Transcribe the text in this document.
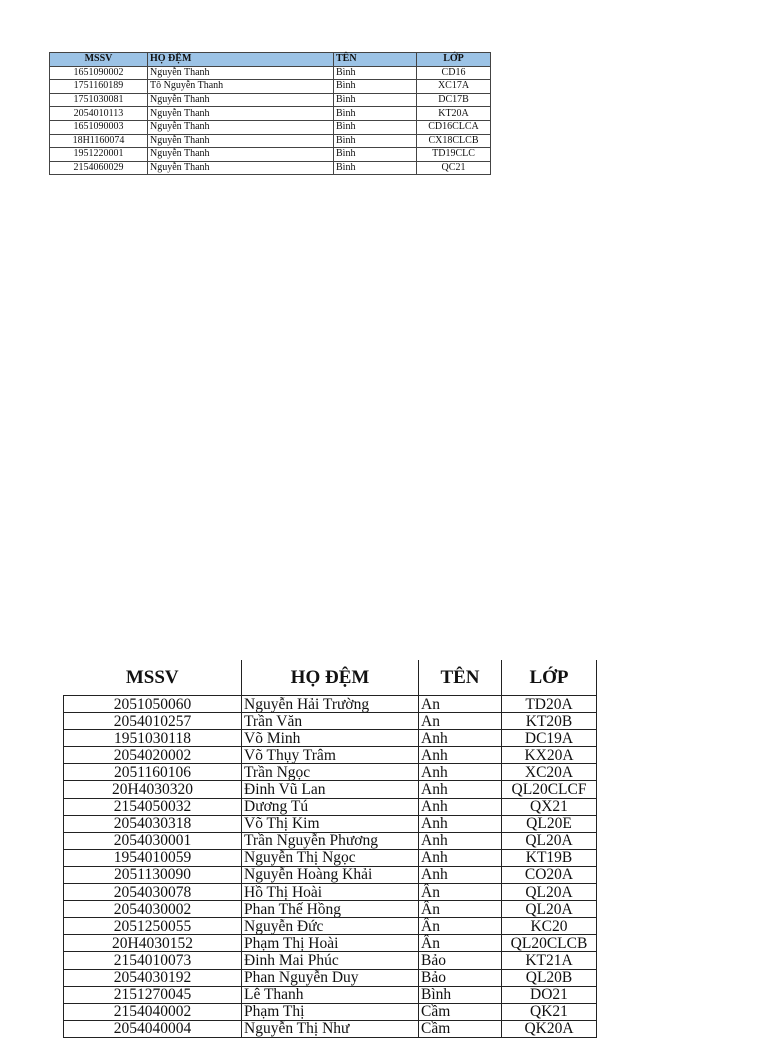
MSSV	HỌ ĐỆM	TÊN	LỚP
1651090002	Nguyễn Thanh	Bình	CD16
1751160189	Tô Nguyễn Thanh	Bình	XC17A
1751030081	Nguyễn Thanh	Bình	DC17B
2054010113	Nguyễn Thanh	Bình	KT20A
1651090003	Nguyễn Thanh	Bình	CD16CLCA
18H1160074	Nguyễn Thanh	Bình	CX18CLCB
1951220001	Nguyễn Thanh	Bình	TD19CLC
2154060029	Nguyễn Thanh	Bình	QC21
MSSV	HỌ ĐỆM	TÊN	LỚP
2051050060	Nguyễn Hải Trường	An	TD20A
2054010257	Trần Văn	An	KT20B
1951030118	Võ Minh	Anh	DC19A
2054020002	Võ Thụy Trâm	Anh	KX20A
2051160106	Trần Ngọc	Anh	XC20A
20H4030320	Đinh Vũ Lan	Anh	QL20CLCF
2154050032	Dương Tú	Anh	QX21
2054030318	Võ Thị Kim	Anh	QL20E
2054030001	Trần Nguyễn Phương	Anh	QL20A
1954010059	Nguyễn Thị Ngọc	Anh	KT19B
2051130090	Nguyễn Hoàng Khải	Anh	CO20A
2054030078	Hồ Thị Hoài	Ân	QL20A
2054030002	Phan Thế Hồng	Ân	QL20A
2051250055	Nguyễn Đức	Ân	KC20
20H4030152	Phạm Thị Hoài	Ân	QL20CLCB
2154010073	Đinh Mai Phúc	Bảo	KT21A
2054030192	Phan Nguyễn Duy	Bảo	QL20B
2151270045	Lê Thanh	Bình	DO21
2154040002	Phạm Thị	Cầm	QK21
2054040004	Nguyễn Thị Như	Cầm	QK20A
